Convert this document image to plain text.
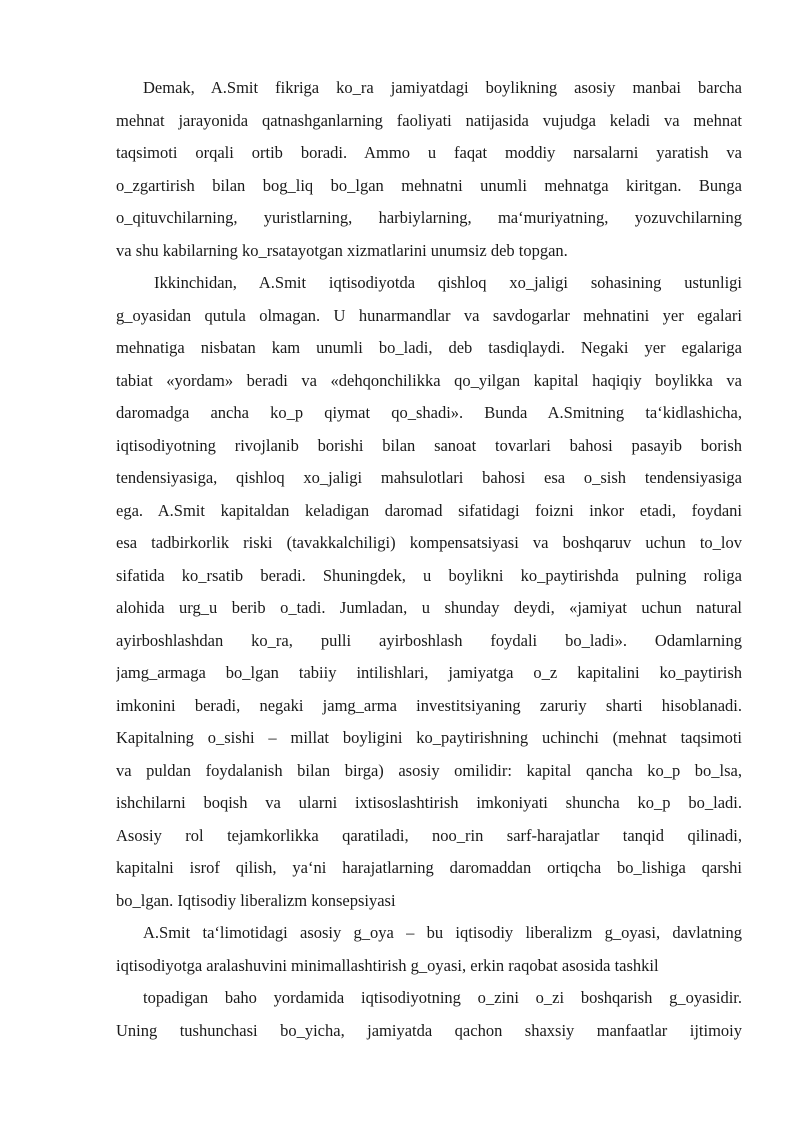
Demak, A.Smit fikriga ko_ra jamiyatdagi boylikning asosiy manbai barcha
mehnat jarayonida qatnashganlarning faoliyati natijasida vujudga keladi va mehnat
taqsimoti orqali ortib boradi. Ammo u faqat moddiy narsalarni yaratish va
o_zgartirish bilan bog_liq bo_lgan mehnatni unumli mehnatga kiritgan. Bunga
o_qituvchilarning, yuristlarning, harbiylarning, ma‘muriyatning, yozuvchilarning
va shu kabilarning ko_rsatayotgan xizmatlarini unumsiz deb topgan.
Ikkinchidan, A.Smit iqtisodiyotda qishloq xo_jaligi sohasining ustunligi
g_oyasidan qutula olmagan. U hunarmandlar va savdogarlar mehnatini yer egalari
mehnatiga nisbatan kam unumli bo_ladi, deb tasdiqlaydi. Negaki yer egalariga
tabiat «yordam» beradi va «dehqonchilikka qo_yilgan kapital haqiqiy boylikka va
daromadga ancha ko_p qiymat qo_shadi». Bunda A.Smitning ta‘kidlashicha,
iqtisodiyotning rivojlanib borishi bilan sanoat tovarlari bahosi pasayib borish
tendensiyasiga, qishloq xo_jaligi mahsulotlari bahosi esa o_sish tendensiyasiga
ega. A.Smit kapitaldan keladigan daromad sifatidagi foizni inkor etadi, foydani
esa tadbirkorlik riski (tavakkalchiligi) kompensatsiyasi va boshqaruv uchun to_lov
sifatida ko_rsatib beradi. Shuningdek, u boylikni ko_paytirishda pulning roliga
alohida urg_u berib o_tadi. Jumladan, u shunday deydi, «jamiyat uchun natural
ayirboshlashdan ko_ra, pulli ayirboshlash foydali bo_ladi». Odamlarning
jamg_armaga bo_lgan tabiiy intilishlari, jamiyatga o_z kapitalini ko_paytirish
imkonini beradi, negaki jamg_arma investitsiyaning zaruriy sharti hisoblanadi.
Kapitalning o_sishi – millat boyligini ko_paytirishning uchinchi (mehnat taqsimoti
va puldan foydalanish bilan birga) asosiy omilidir: kapital qancha ko_p bo_lsa,
ishchilarni boqish va ularni ixtisoslashtirish imkoniyati shuncha ko_p bo_ladi.
Asosiy rol tejamkorlikka qaratiladi, noo_rin sarf-harajatlar tanqid qilinadi,
kapitalni isrof qilish, ya‘ni harajatlarning daromaddan ortiqcha bo_lishiga qarshi
bo_lgan. Iqtisodiy liberalizm konsepsiyasi
A.Smit ta‘limotidagi asosiy g_oya – bu iqtisodiy liberalizm g_oyasi, davlatning
iqtisodiyotga aralashuvini minimallashtirish g_oyasi, erkin raqobat asosida tashkil
topadigan baho yordamida iqtisodiyotning o_zini o_zi boshqarish g_oyasidir.
Uning tushunchasi bo_yicha, jamiyatda qachon shaxsiy manfaatlar ijtimoiy
